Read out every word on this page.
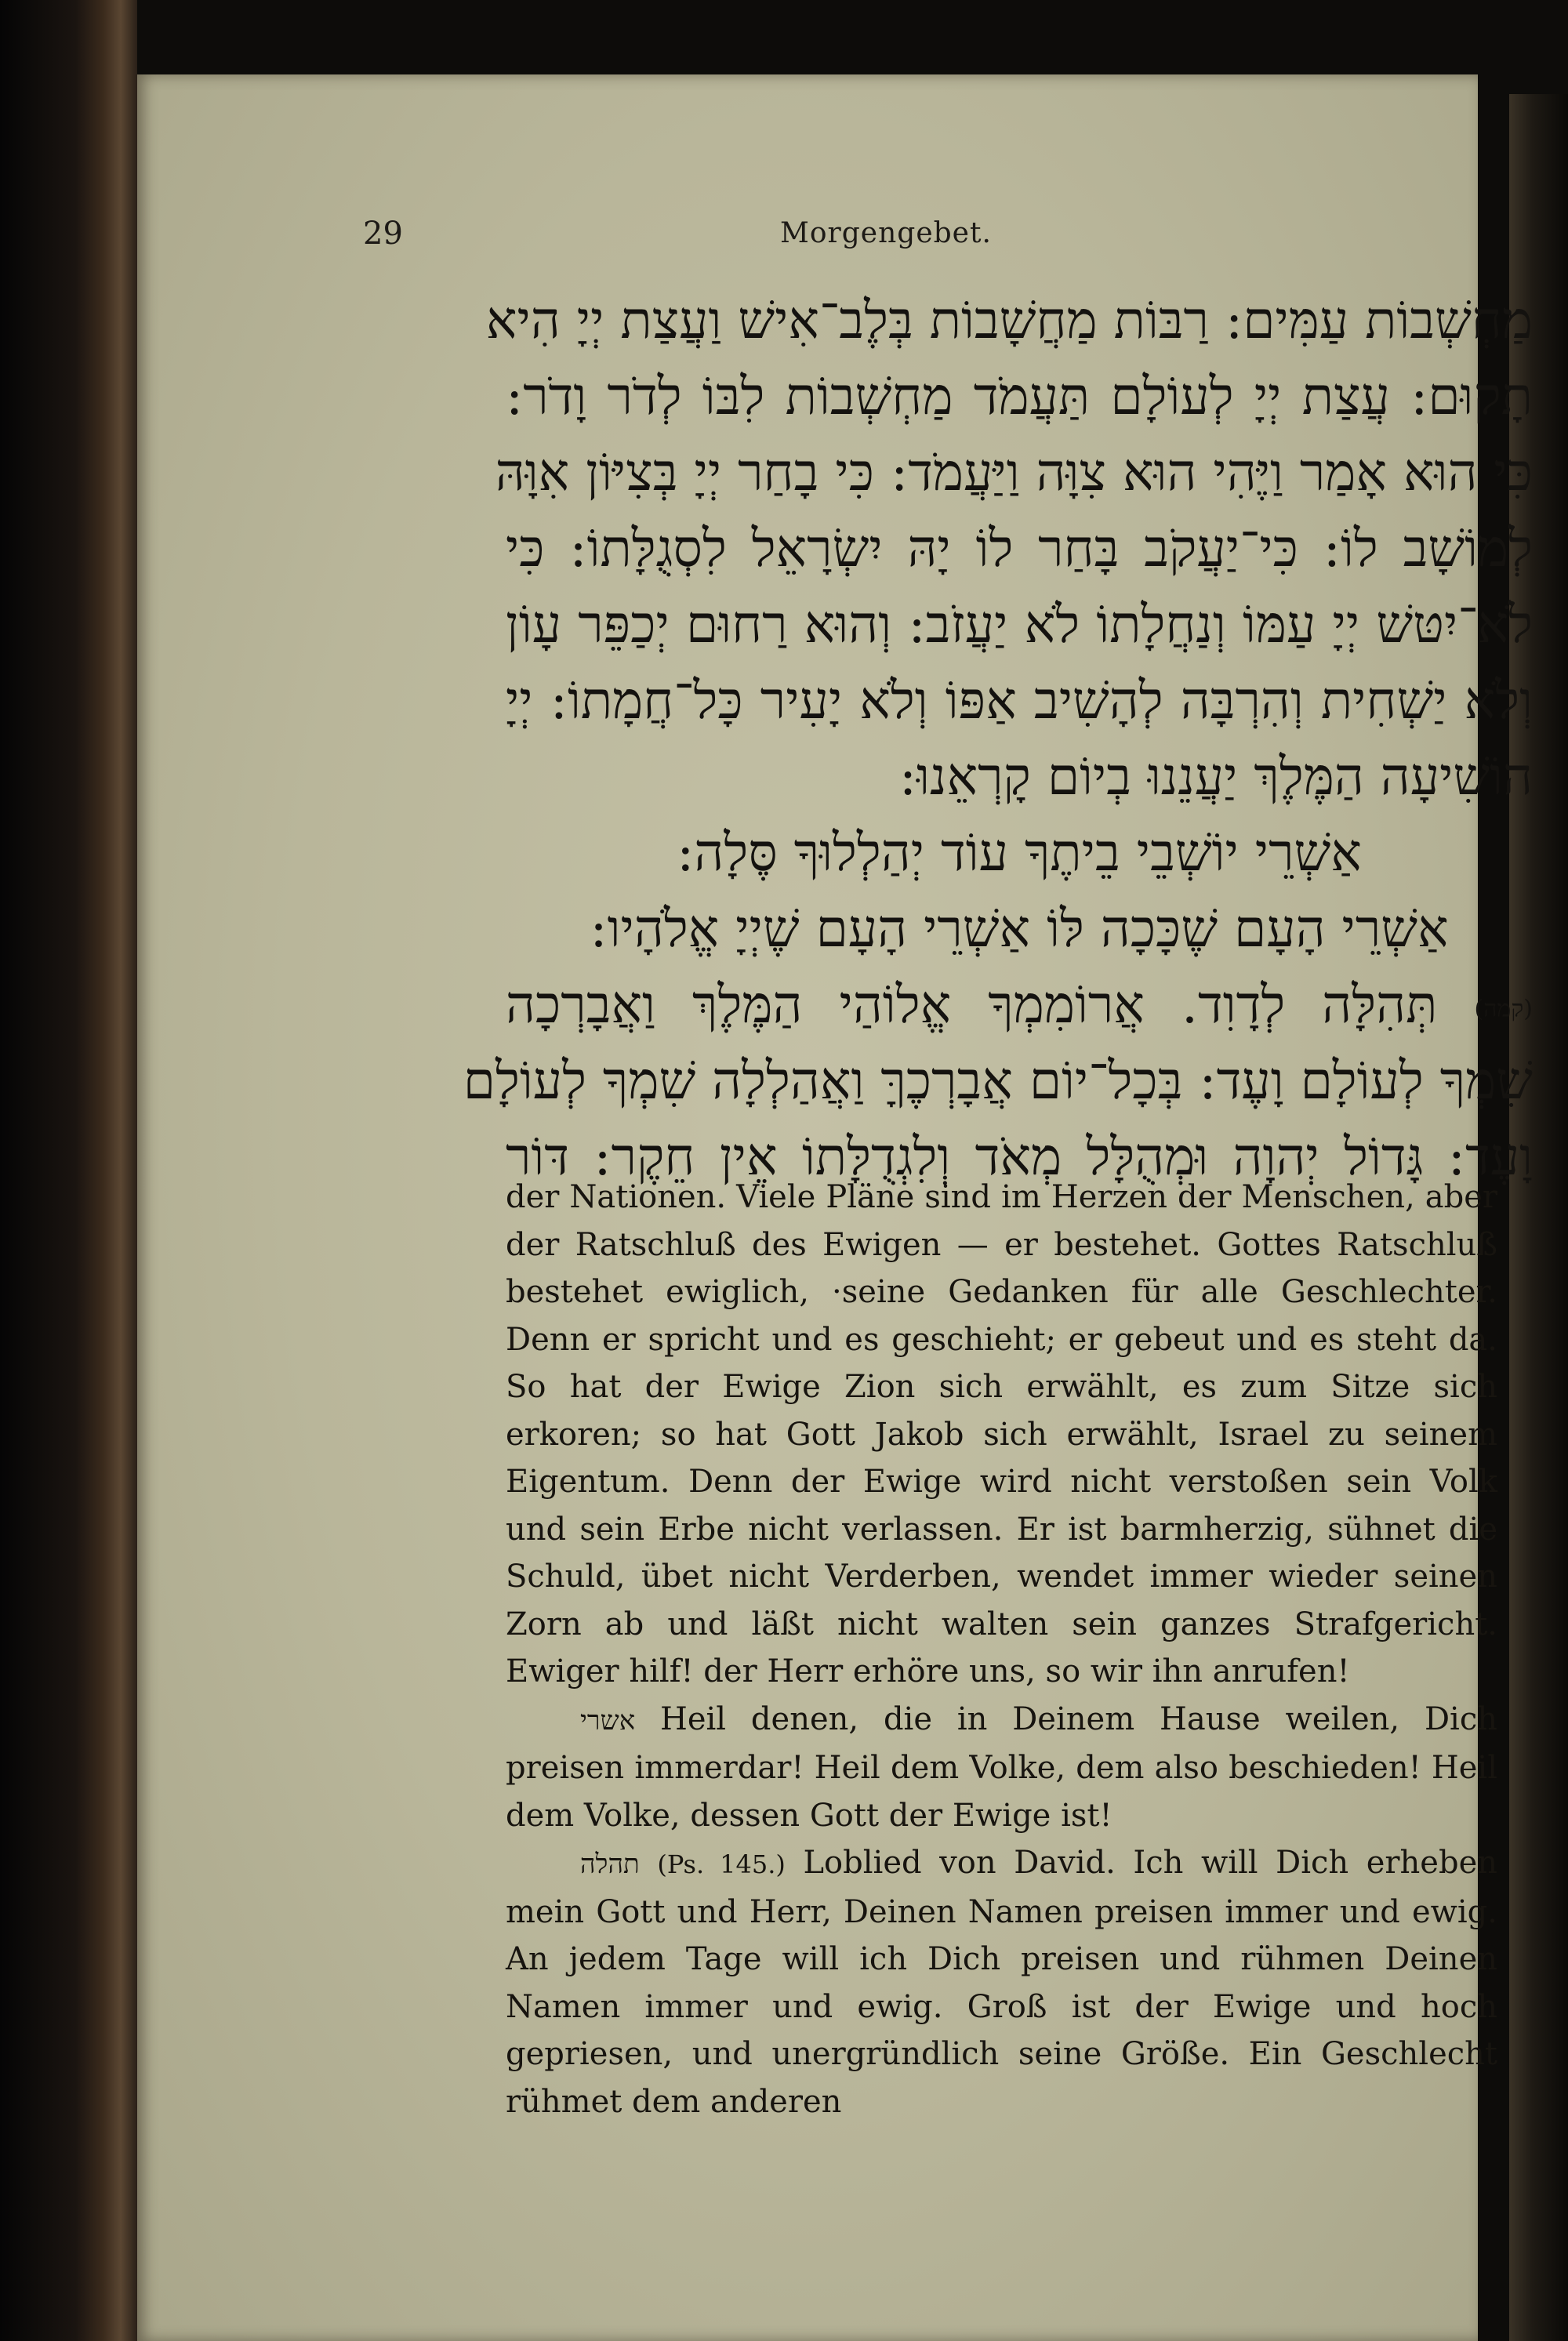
29	Morgengebet.
מַחְשְׁבוֹת עַמִּים: רַבּוֹת מַחֲשָׁבוֹת בְּלֶב־אִישׁ וַעֲצַת יְיָ הִיא
תָקוּם: עֲצַת יְיָ לְעוֹלָם תַּעֲמֹד מַחְשְׁבוֹת לִבּוֹ לְדֹר וָדֹר:
כִּי הוּא אָמַר וַיֶּהִי הוּא צִוָּה וַיַּעֲמֹד: כִּי בָחַר יְיָ בְּצִיּוֹן אִוָּהּ
לְמוֹשָׁב לוֹ: כִּי־יַעֲקֹב בָּחַר לוֹ יָהּ יִשְׂרָאֵל לִסְגֻלָּתוֹ: כִּי
לֹא־יִטּשׁ יְיָ עַמּוֹ וְנַחֲלָתוֹ לֹא יַעֲזֹב: וְהוּא רַחוּם יְכַפֵּר עָוֹן
וְלֹא יַשְׁחִית וְהִרְבָּה לְהָשִׁיב אַפּוֹ וְלֹא יָעִיר כָּל־חֲמָתוֹ: יְיָ
הוֹשִׁיעָה הַמֶּלֶךְ יַעֲנֵנוּ בְיוֹם קָרְאֵנוּ:
אַשְׁרֵי יוֹשְׁבֵי בֵיתֶךָ עוֹד יְהַלְלוּךָ סֶּלָה:
אַשְׁרֵי הָעָם שֶׁכָּכָה לּוֹ אַשְׁרֵי הָעָם שֶׁיְיָ אֱלֹהָיו:
(קמה) תְּהִלָּה לְדָוִד. אֲרוֹמִמְךָ אֱלוֹהַי הַמֶּלֶךְ וַאֲבָרְכָה
שִׁמְךָ לְעוֹלָם וָעֶד: בְּכָל־יוֹם אֲבָרְכֶךָּ וַאֲהַלְלָה שִׁמְךָ לְעוֹלָם
וָעֶד: גָּדוֹל יְהוָה וּמְהֻלָּל מְאֹד וְלִגְדֻלָּתוֹ אֵין חֵקֶר: דּוֹר

der Nationen. Viele Pläne sind im Herzen der Menschen, aber der Ratschluß des Ewigen — er bestehet. Gottes Ratschluß bestehet ewiglich, ·seine Gedanken für alle Geschlechter. Denn er spricht und es geschieht; er gebeut und es steht da. So hat der Ewige Zion sich erwählt, es zum Sitze sich erkoren; so hat Gott Jakob sich erwählt, Israel zu seinem Eigentum. Denn der Ewige wird nicht verstoßen sein Volk und sein Erbe nicht verlassen. Er ist barmherzig, sühnet die Schuld, übet nicht Verderben, wendet immer wieder seinen Zorn ab und läßt nicht walten sein ganzes Strafgericht. Ewiger hilf! der Herr erhöre uns, so wir ihn anrufen!

אשרי Heil denen, die in Deinem Hause weilen, Dich preisen immerdar! Heil dem Volke, dem also beschieden! Heil dem Volke, dessen Gott der Ewige ist!

תהלה (Ps. 145.) Loblied von David. Ich will Dich erheben mein Gott und Herr, Deinen Namen preisen immer und ewig. An jedem Tage will ich Dich preisen und rühmen Deinen Namen immer und ewig. Groß ist der Ewige und hoch gepriesen, und unergründlich seine Größe. Ein Geschlecht rühmet dem anderen
